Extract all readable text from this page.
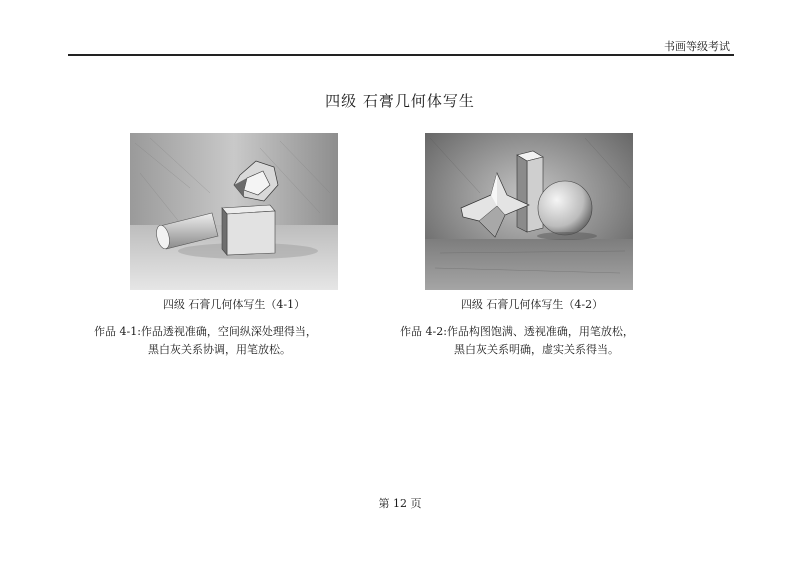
书画等级考试
四级 石膏几何体写生
四级 石膏几何体写生（4-1）	四级 石膏几何体写生（4-2）
作品 4-1:作品透视准确，空间纵深处理得当，
黑白灰关系协调，用笔放松。
作品 4-2:作品构图饱满、透视准确，用笔放松，
黑白灰关系明确，虚实关系得当。
第 12 页
